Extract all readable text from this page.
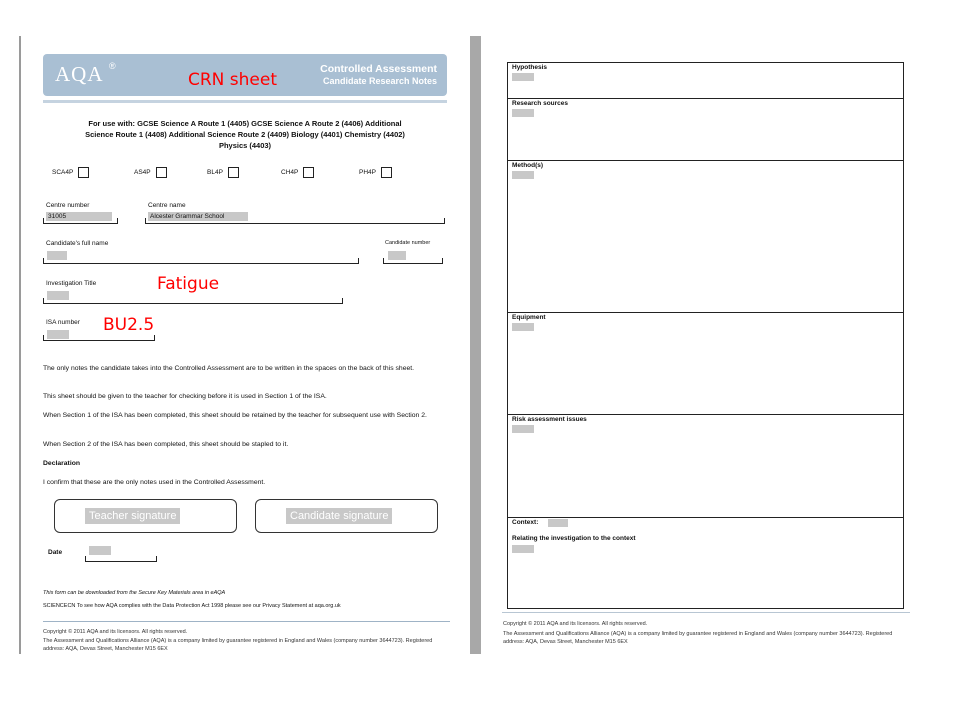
AQA ®	Controlled Assessment
Candidate Research Notes
CRN sheet
For use with: GCSE Science A Route 1 (4405) GCSE Science A Route 2 (4406) Additional Science Route 1 (4408) Additional Science Route 2 (4409) Biology (4401) Chemistry (4402) Physics (4403)
SCA4P	AS4P	BL4P	CH4P	PH4P
Centre number
31005
Centre name
Alcester Grammar School
Candidate's full name	Candidate number
Investigation Title	Fatigue
ISA number BU2.5
The only notes the candidate takes into the Controlled Assessment are to be written in the spaces on the back of this sheet.
This sheet should be given to the teacher for checking before it is used in Section 1 of the ISA.
When Section 1 of the ISA has been completed, this sheet should be retained by the teacher for subsequent use with Section 2.
When Section 2 of the ISA has been completed, this sheet should be stapled to it.
Declaration
I confirm that these are the only notes used in the Controlled Assessment.
Teacher signature	Candidate signature
Date
This form can be downloaded from the Secure Key Materials area in eAQA
SCIENCECN To see how AQA complies with the Data Protection Act 1998 please see our Privacy Statement at aqa.org.uk
Copyright © 2011 AQA and its licensors. All rights reserved.
The Assessment and Qualifications Alliance (AQA) is a company limited by guarantee registered in England and Wales (company number 3644723). Registered address: AQA, Devas Street, Manchester M15 6EX
Hypothesis
Research sources
Method(s)
Equipment
Risk assessment issues
Context:
Relating the investigation to the context
Copyright © 2011 AQA and its licensors. All rights reserved.
The Assessment and Qualifications Alliance (AQA) is a company limited by guarantee registered in England and Wales (company number 3644723). Registered address: AQA, Devas Street, Manchester M15 6EX
